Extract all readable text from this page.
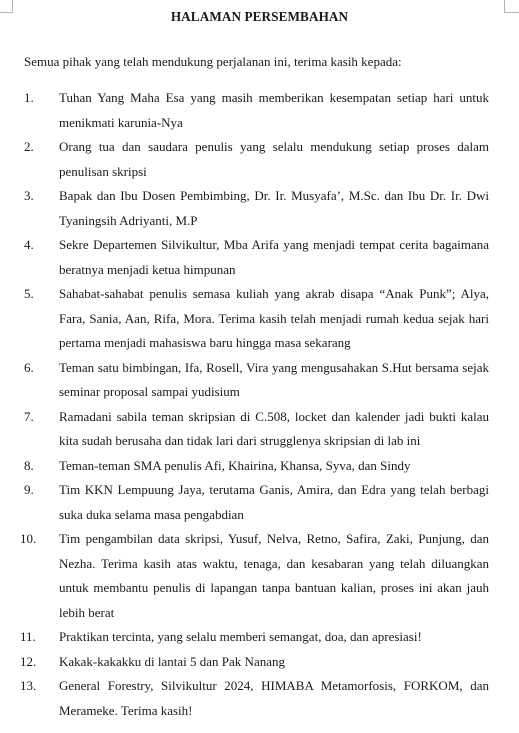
HALAMAN PERSEMBAHAN
Semua pihak yang telah mendukung perjalanan ini, terima kasih kepada:
1.	Tuhan Yang Maha Esa yang masih memberikan kesempatan setiap hari untuk menikmati karunia-Nya
2.	Orang tua dan saudara penulis yang selalu mendukung setiap proses dalam penulisan skripsi
3.	Bapak dan Ibu Dosen Pembimbing, Dr. Ir. Musyafa’, M.Sc. dan Ibu Dr. Ir. Dwi Tyaningsih Adriyanti, M.P
4.	Sekre Departemen Silvikultur, Mba Arifa yang menjadi tempat cerita bagaimana beratnya menjadi ketua himpunan
5.	Sahabat-sahabat penulis semasa kuliah yang akrab disapa “Anak Punk”; Alya, Fara, Sania, Aan, Rifa, Mora. Terima kasih telah menjadi rumah kedua sejak hari pertama menjadi mahasiswa baru hingga masa sekarang
6.	Teman satu bimbingan, Ifa, Rosell, Vira yang mengusahakan S.Hut bersama sejak seminar proposal sampai yudisium
7.	Ramadani sabila teman skripsian di C.508, locket dan kalender jadi bukti kalau kita sudah berusaha dan tidak lari dari strugglenya skripsian di lab ini
8.	Teman-teman SMA penulis Afi, Khairina, Khansa, Syva, dan Sindy
9.	Tim KKN Lempuung Jaya, terutama Ganis, Amira, dan Edra yang telah berbagi suka duka selama masa pengabdian
10.	Tim pengambilan data skripsi, Yusuf, Nelva, Retno, Safira, Zaki, Punjung, dan Nezha. Terima kasih atas waktu, tenaga, dan kesabaran yang telah diluangkan untuk membantu penulis di lapangan tanpa bantuan kalian, proses ini akan jauh lebih berat
11.	Praktikan tercinta, yang selalu memberi semangat, doa, dan apresiasi!
12.	Kakak-kakakku di lantai 5 dan Pak Nanang
13.	General Forestry, Silvikultur 2024, HIMABA Metamorfosis, FORKOM, dan Merameke. Terima kasih!
